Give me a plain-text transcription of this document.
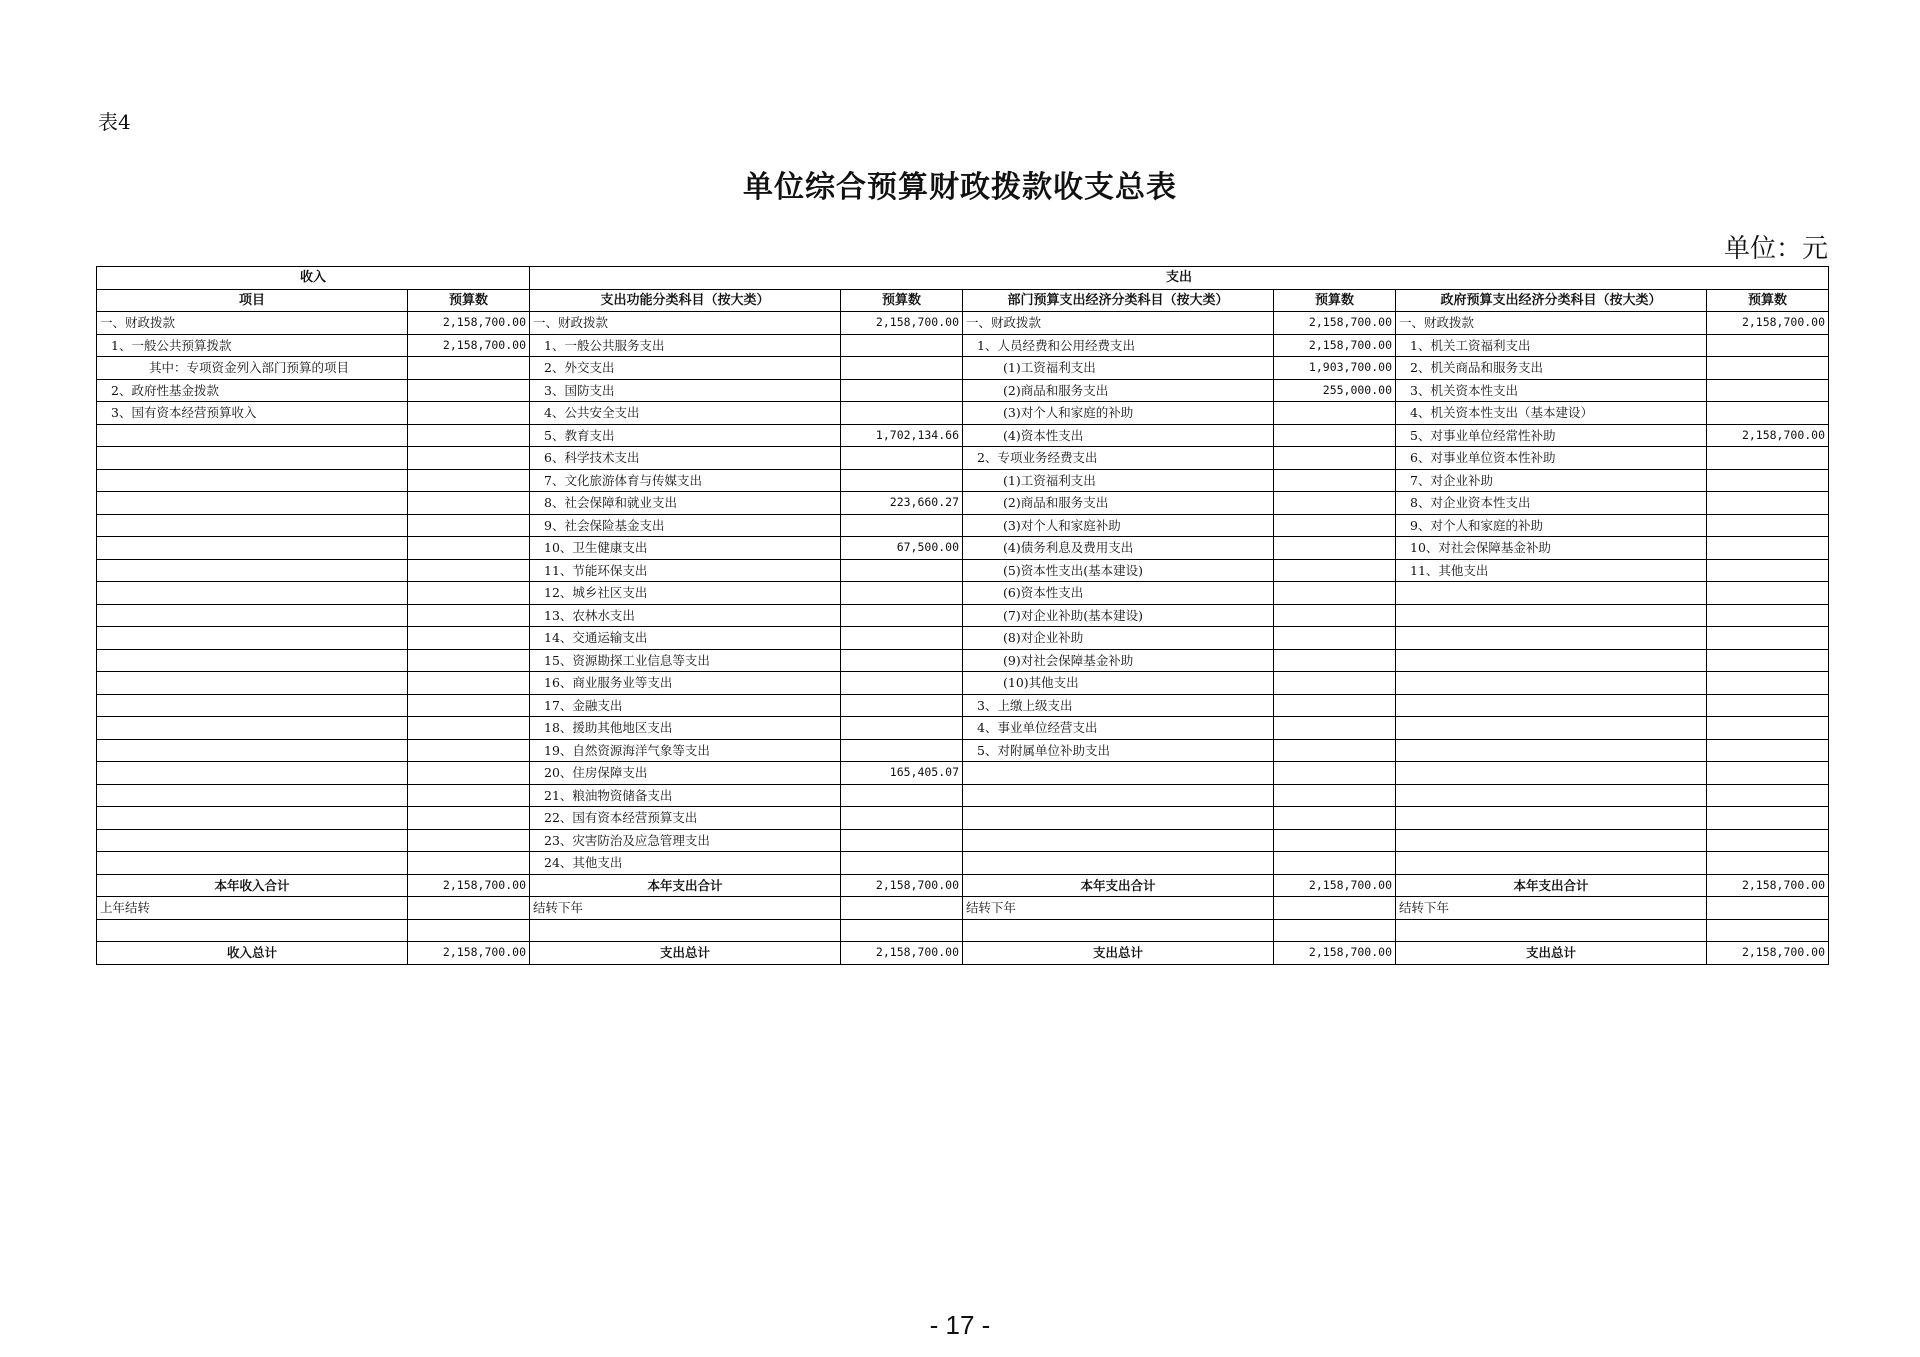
表4
单位综合预算财政拨款收支总表
单位：元
收入		支出					
项目	预算数	支出功能分类科目（按大类）	预算数	部门预算支出经济分类科目（按大类）	预算数	政府预算支出经济分类科目（按大类）	预算数
一、财政拨款	2,158,700.00	一、财政拨款	2,158,700.00	一、财政拨款	2,158,700.00	一、财政拨款	2,158,700.00
1、一般公共预算拨款	2,158,700.00	1、一般公共服务支出		1、人员经费和公用经费支出	2,158,700.00	1、机关工资福利支出	
其中：专项资金列入部门预算的项目		2、外交支出		(1)工资福利支出	1,903,700.00	2、机关商品和服务支出	
2、政府性基金拨款		3、国防支出		(2)商品和服务支出	255,000.00	3、机关资本性支出	
3、国有资本经营预算收入		4、公共安全支出		(3)对个人和家庭的补助		4、机关资本性支出（基本建设）	
		5、教育支出	1,702,134.66	(4)资本性支出		5、对事业单位经常性补助	2,158,700.00
		6、科学技术支出		2、专项业务经费支出		6、对事业单位资本性补助	
		7、文化旅游体育与传媒支出		(1)工资福利支出		7、对企业补助	
		8、社会保障和就业支出	223,660.27	(2)商品和服务支出		8、对企业资本性支出	
		9、社会保险基金支出		(3)对个人和家庭补助		9、对个人和家庭的补助	
		10、卫生健康支出	67,500.00	(4)债务利息及费用支出		10、对社会保障基金补助	
		11、节能环保支出		(5)资本性支出(基本建设)		11、其他支出	
		12、城乡社区支出		(6)资本性支出			
		13、农林水支出		(7)对企业补助(基本建设)			
		14、交通运输支出		(8)对企业补助			
		15、资源勘探工业信息等支出		(9)对社会保障基金补助			
		16、商业服务业等支出		(10)其他支出			
		17、金融支出		3、上缴上级支出			
		18、援助其他地区支出		4、事业单位经营支出			
		19、自然资源海洋气象等支出		5、对附属单位补助支出			
		20、住房保障支出	165,405.07				
		21、粮油物资储备支出					
		22、国有资本经营预算支出					
		23、灾害防治及应急管理支出					
		24、其他支出					
本年收入合计	2,158,700.00	本年支出合计	2,158,700.00	本年支出合计	2,158,700.00	本年支出合计	2,158,700.00
上年结转		结转下年		结转下年		结转下年	

收入总计	2,158,700.00	支出总计	2,158,700.00	支出总计	2,158,700.00	支出总计	2,158,700.00
- 17 -
